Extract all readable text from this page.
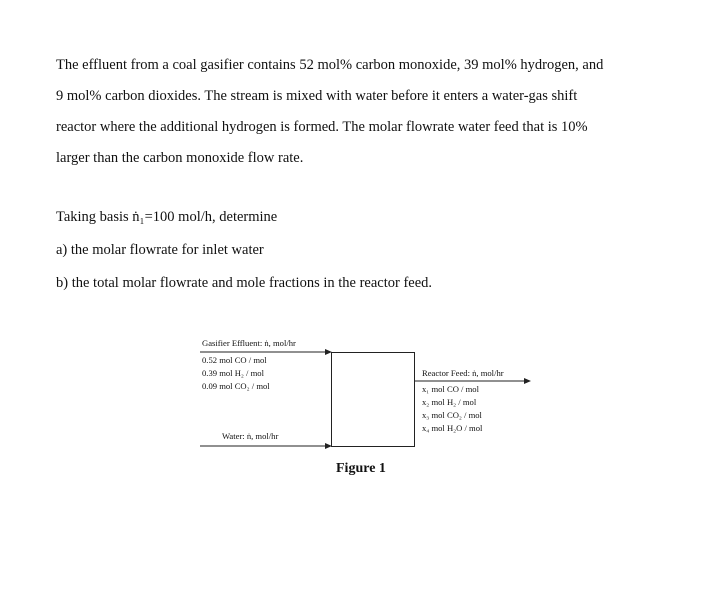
The effluent from a coal gasifier contains 52 mol% carbon monoxide, 39 mol% hydrogen, and
9 mol% carbon dioxides. The stream is mixed with water before it enters a water-gas shift
reactor where the additional hydrogen is formed. The molar flowrate water feed that is 10%
larger than the carbon monoxide flow rate.

Taking basis ṅ₁=100 mol/h, determine
a) the molar flowrate for inlet water
b) the total molar flowrate and mole fractions in the reactor feed.
Gasifier Effluent: ṅ, mol/hr
0.52 mol CO / mol
0.39 mol H₂ / mol
0.09 mol CO₂ / mol
Water: ṅ, mol/hr
Reactor Feed: ṅ, mol/hr
x₁ mol CO / mol
x₂ mol H₂ / mol
x₃ mol CO₂ / mol
x₄ mol H₂O / mol
Figure 1
